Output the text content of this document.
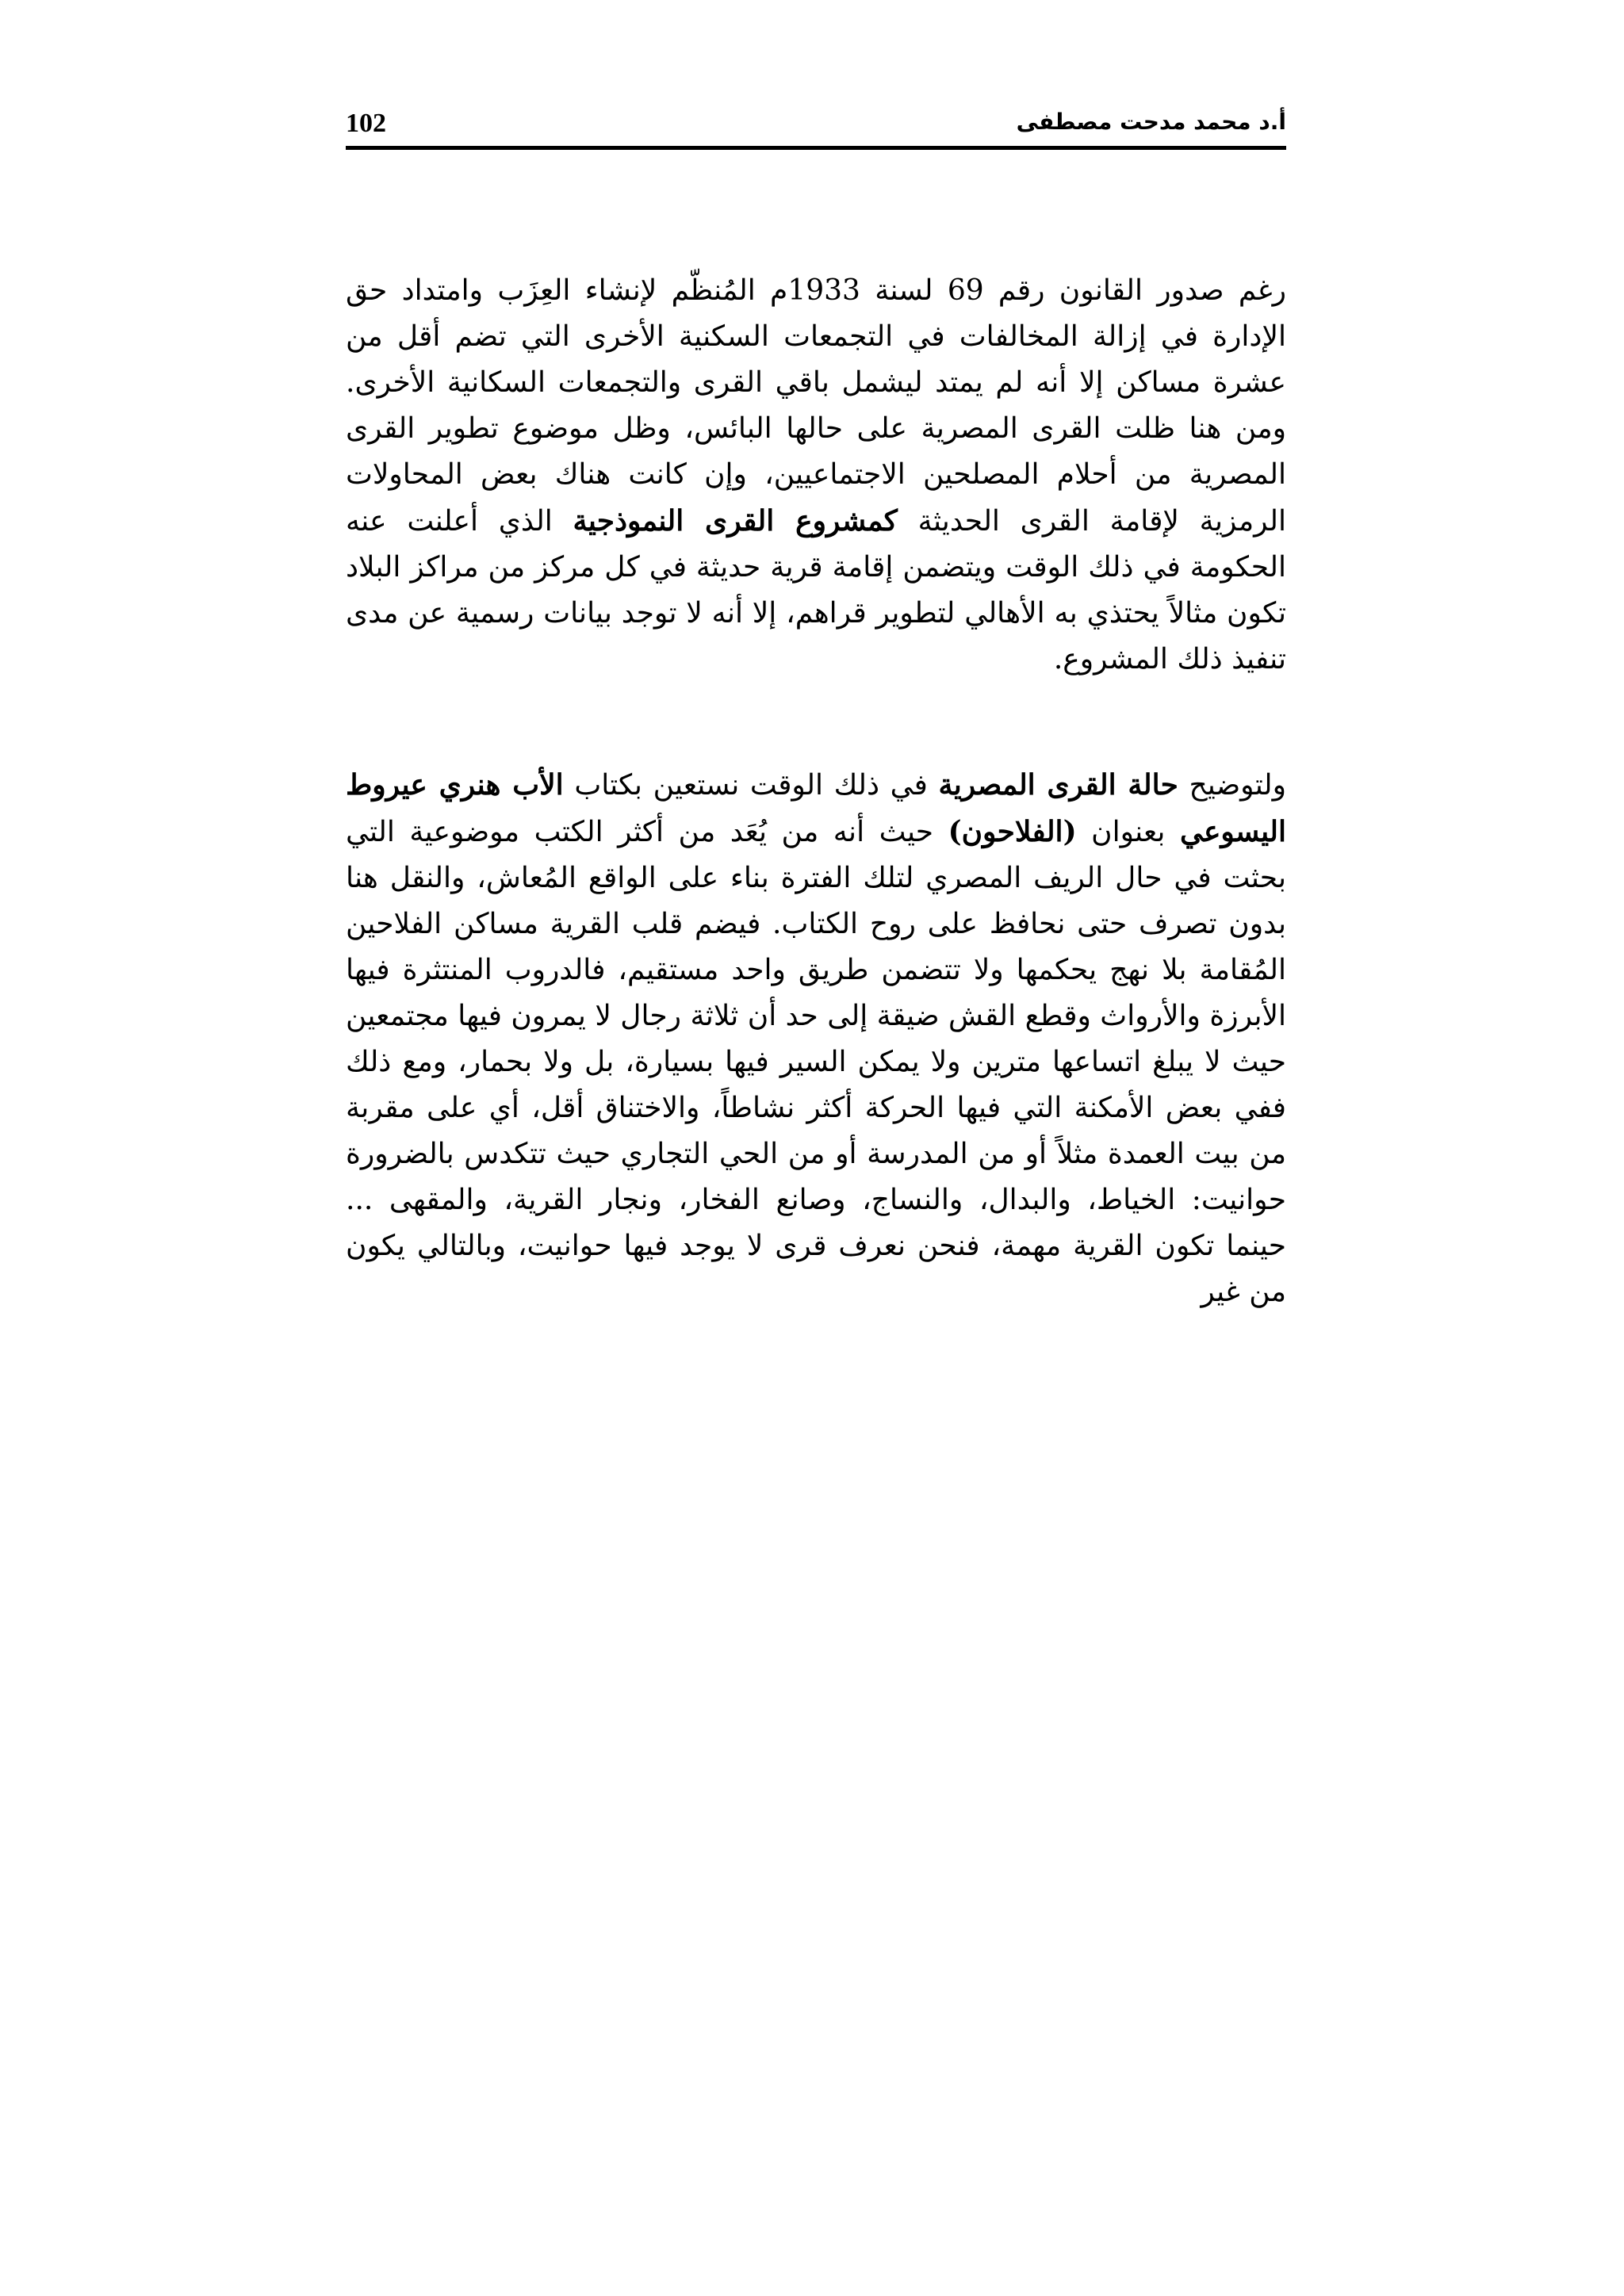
102	أ.د محمد مدحت مصطفى

رغم صدور القانون رقم 69 لسنة 1933م المُنظّم لإنشاء العِزَب وامتداد حق الإدارة في إزالة المخالفات في التجمعات السكنية الأخرى التي تضم أقل من عشرة مساكن إلا أنه لم يمتد ليشمل باقي القرى والتجمعات السكانية الأخرى. ومن هنا ظلت القرى المصرية على حالها البائس، وظل موضوع تطوير القرى المصرية من أحلام المصلحين الاجتماعيين، وإن كانت هناك بعض المحاولات الرمزية لإقامة القرى الحديثة كمشروع القرى النموذجية الذي أعلنت عنه الحكومة في ذلك الوقت ويتضمن إقامة قرية حديثة في كل مركز من مراكز البلاد تكون مثالاً يحتذي به الأهالي لتطوير قراهم، إلا أنه لا توجد بيانات رسمية عن مدى تنفيذ ذلك المشروع.

ولتوضيح حالة القرى المصرية في ذلك الوقت نستعين بكتاب الأب هنري عيروط اليسوعي بعنوان (الفلاحون) حيث أنه من يُعَد من أكثر الكتب موضوعية التي بحثت في حال الريف المصري لتلك الفترة بناء على الواقع المُعاش، والنقل هنا بدون تصرف حتى نحافظ على روح الكتاب. فيضم قلب القرية مساكن الفلاحين المُقامة بلا نهج يحكمها ولا تتضمن طريق واحد مستقيم، فالدروب المنتثرة فيها الأبرزة والأرواث وقطع القش ضيقة إلى حد أن ثلاثة رجال لا يمرون فيها مجتمعين حيث لا يبلغ اتساعها مترين ولا يمكن السير فيها بسيارة، بل ولا بحمار، ومع ذلك ففي بعض الأمكنة التي فيها الحركة أكثر نشاطاً، والاختناق أقل، أي على مقربة من بيت العمدة مثلاً أو من المدرسة أو من الحي التجاري حيث تتكدس بالضرورة حوانيت: الخياط، والبدال، والنساج، وصانع الفخار، ونجار القرية، والمقهى ... حينما تكون القرية مهمة، فنحن نعرف قرى لا يوجد فيها حوانيت، وبالتالي يكون من غير
